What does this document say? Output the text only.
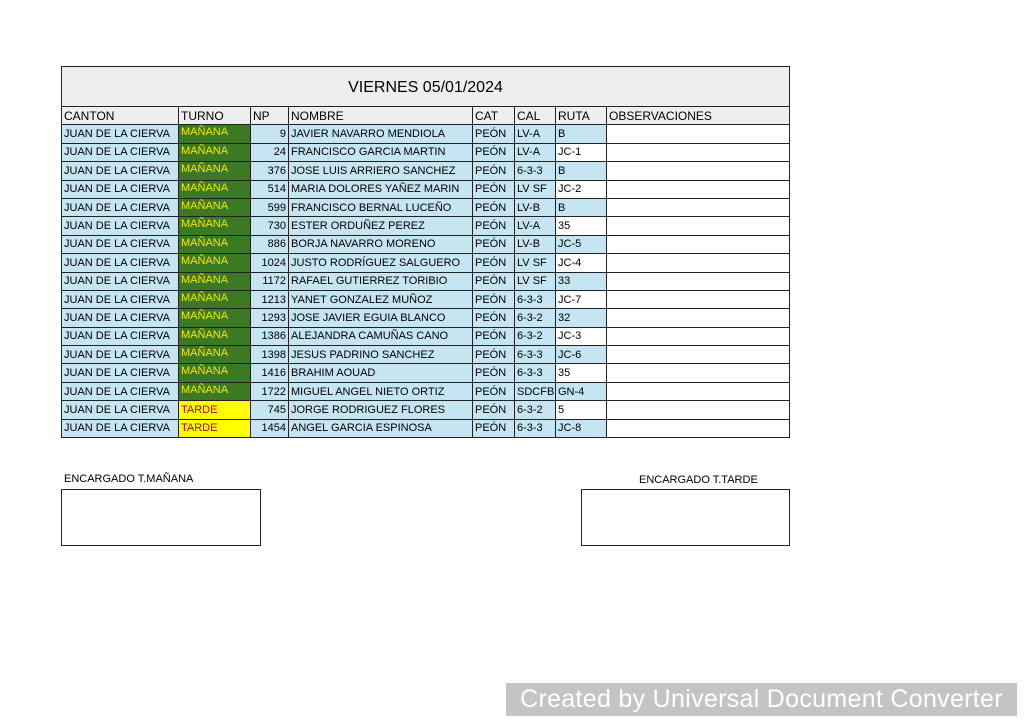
VIERNES 05/01/2024							
CANTON	TURNO	NP	NOMBRE	CAT	CAL	RUTA	OBSERVACIONES
JUAN DE LA CIERVA	MAÑANA	9	JAVIER NAVARRO MENDIOLA	PEÓN	LV-A	B	
JUAN DE LA CIERVA	MAÑANA	24	FRANCISCO GARCIA MARTIN	PEÓN	LV-A	JC-1	
JUAN DE LA CIERVA	MAÑANA	376	JOSE LUIS ARRIERO SANCHEZ	PEÓN	6-3-3	B	
JUAN DE LA CIERVA	MAÑANA	514	MARIA DOLORES YAÑEZ MARIN	PEÓN	LV SF	JC-2	
JUAN DE LA CIERVA	MAÑANA	599	FRANCISCO BERNAL LUCEÑO	PEÓN	LV-B	B	
JUAN DE LA CIERVA	MAÑANA	730	ESTER ORDUÑEZ PEREZ	PEÓN	LV-A	35	
JUAN DE LA CIERVA	MAÑANA	886	BORJA NAVARRO MORENO	PEÓN	LV-B	JC-5	
JUAN DE LA CIERVA	MAÑANA	1024	JUSTO RODRÍGUEZ SALGUERO	PEÓN	LV SF	JC-4	
JUAN DE LA CIERVA	MAÑANA	1172	RAFAEL GUTIERREZ TORIBIO	PEÓN	LV SF	33	
JUAN DE LA CIERVA	MAÑANA	1213	YANET GONZALEZ MUÑOZ	PEÓN	6-3-3	JC-7	
JUAN DE LA CIERVA	MAÑANA	1293	JOSE JAVIER EGUIA BLANCO	PEÓN	6-3-2	32	
JUAN DE LA CIERVA	MAÑANA	1386	ALEJANDRA CAMUÑAS CANO	PEÓN	6-3-2	JC-3	
JUAN DE LA CIERVA	MAÑANA	1398	JESUS PADRINO SANCHEZ	PEÓN	6-3-3	JC-6	
JUAN DE LA CIERVA	MAÑANA	1416	BRAHIM AOUAD	PEÓN	6-3-3	35	
JUAN DE LA CIERVA	MAÑANA	1722	MIGUEL ANGEL NIETO ORTIZ	PEÓN	SDCFB	GN-4	
JUAN DE LA CIERVA	TARDE	745	JORGE RODRIGUEZ FLORES	PEÓN	6-3-2	5	
JUAN DE LA CIERVA	TARDE	1454	ANGEL GARCIA ESPINOSA	PEÓN	6-3-3	JC-8	
ENCARGADO T.MAÑANA	ENCARGADO T.TARDE
Created by Universal Document Converter
